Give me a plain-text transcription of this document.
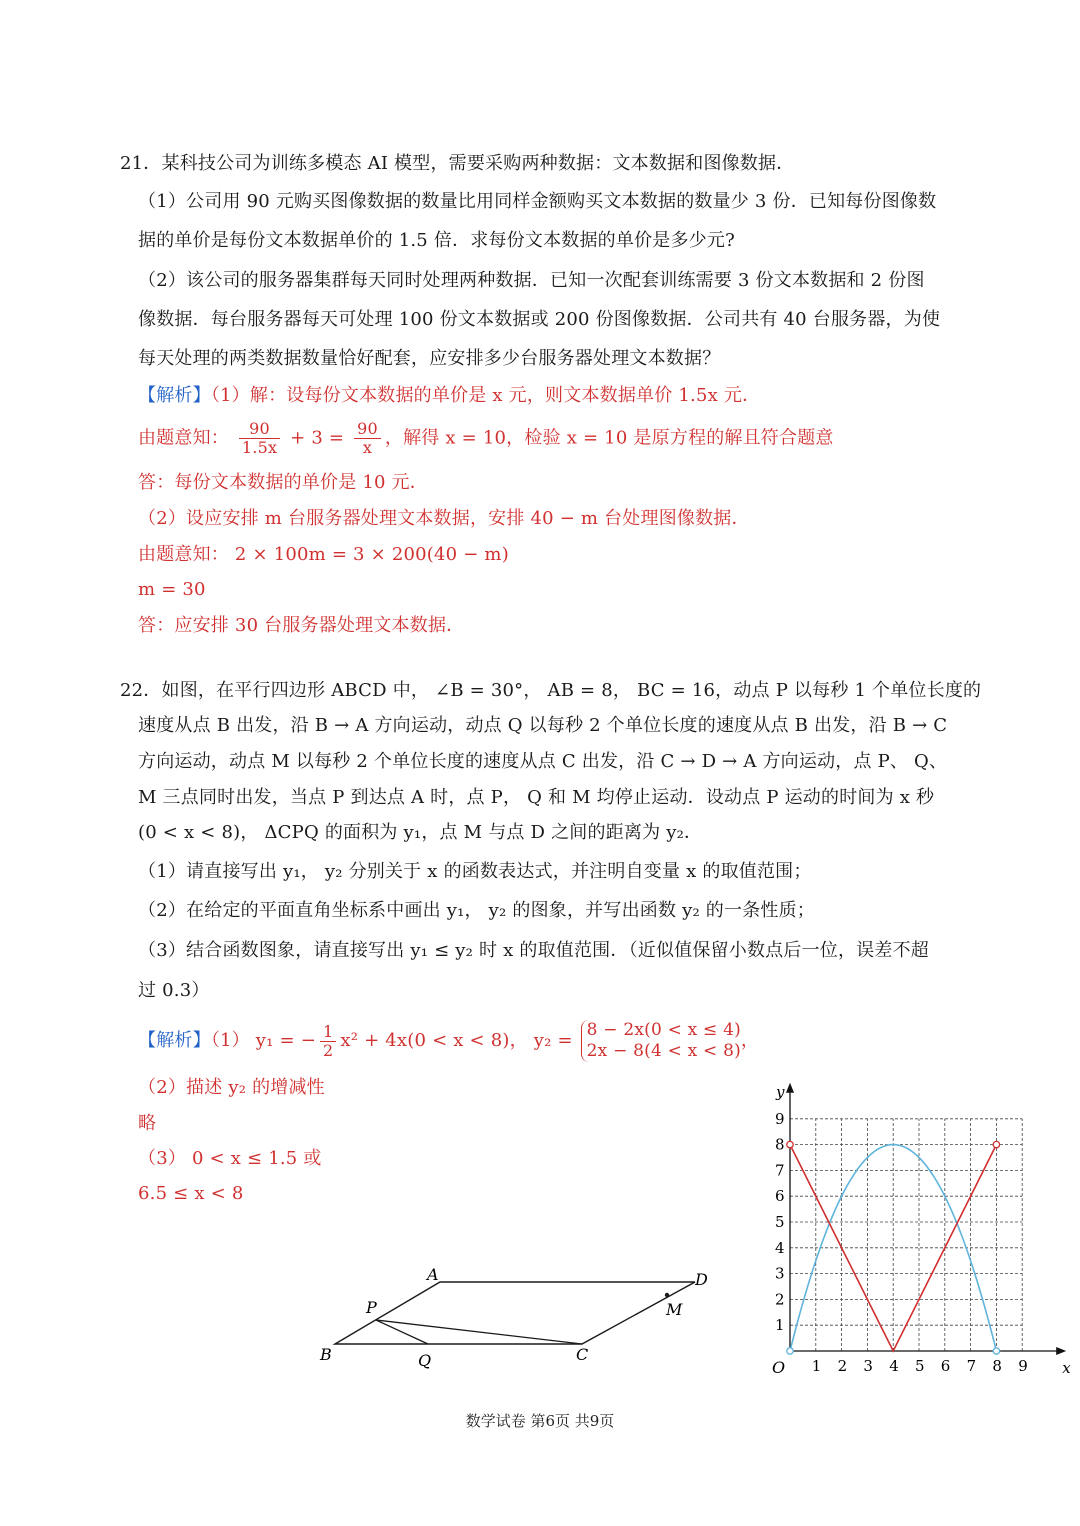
21．某科技公司为训练多模态 AI 模型，需要采购两种数据：文本数据和图像数据．
（1）公司用 90 元购买图像数据的数量比用同样金额购买文本数据的数量少 3 份．已知每份图像数
据的单价是每份文本数据单价的 1.5 倍．求每份文本数据的单价是多少元?
（2）该公司的服务器集群每天同时处理两种数据．已知一次配套训练需要 3 份文本数据和 2 份图
像数据．每台服务器每天可处理 100 份文本数据或 200 份图像数据．公司共有 40 台服务器，为使
每天处理的两类数据数量恰好配套，应安排多少台服务器处理文本数据？
【解析】（1）解：设每份文本数据的单价是 x 元，则文本数据单价 1.5x 元．
由题意知： $\frac{90}{1.5x} + 3 = \frac{90}{x}$ ，解得 x = 10，检验 x = 10 是原方程的解且符合题意
答：每份文本数据的单价是 10 元．
（2）设应安排 m 台服务器处理文本数据，安排 40 − m 台处理图像数据．
由题意知： 2 × 100m = 3 × 200(40 − m)
m = 30
答：应安排 30 台服务器处理文本数据．
22．如图，在平行四边形 ABCD 中， ∠B = 30°， AB = 8， BC = 16，动点 P 以每秒 1 个单位长度的
速度从点 B 出发，沿 B → A 方向运动，动点 Q 以每秒 2 个单位长度的速度从点 B 出发，沿 B → C
方向运动，动点 M 以每秒 2 个单位长度的速度从点 C 出发，沿 C → D → A 方向运动，点 P、 Q、
M 三点同时出发，当点 P 到达点 A 时，点 P， Q 和 M 均停止运动．设动点 P 运动的时间为 x 秒
(0 < x < 8)， ΔCPQ 的面积为 y₁，点 M 与点 D 之间的距离为 y₂．
（1）请直接写出 y₁， y₂ 分别关于 x 的函数表达式，并注明自变量 x 的取值范围；
（2）在给定的平面直角坐标系中画出 y₁， y₂ 的图象，并写出函数 y₂ 的一条性质；
（3）结合函数图象，请直接写出 y₁ ≤ y₂ 时 x 的取值范围．（近似值保留小数点后一位，误差不超
过 0.3）
【解析】（1） y₁ = − $\frac{1}{2} x^2 + 4x(0 < x < 8)$， y₂ = 8 − 2x(0 < x ≤ 4)
2x − 8(4 < x < 8) ，
（2）描述 y₂ 的增减性
略
（3） 0 < x ≤ 1.5 或
6.5 ≤ x < 8
A	D
P	M
B	Q	C
1 2 3 4 5 6 7 8 9
1
2
3
4
5
6
7
8
9
O	x
y
数学试卷 第6页 共9页
